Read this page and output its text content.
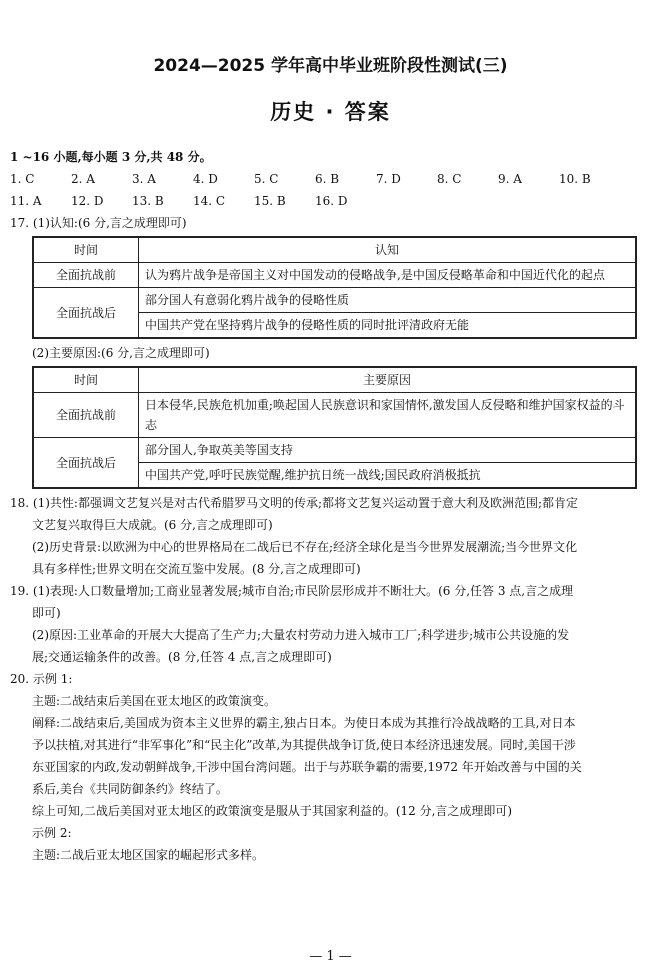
2024—2025 学年高中毕业班阶段性测试(三)
历史 · 答案
1 ~16 小题,每小题 3 分,共 48 分。
1. C	2. A	3. A	4. D	5. C	6. B	7. D	8. C	9. A	10. B
11. A	12. D	13. B	14. C	15. B	16. D
17. (1)认知:(6 分,言之成理即可)
时间	认知
全面抗战前	认为鸦片战争是帝国主义对中国发动的侵略战争,是中国反侵略革命和中国近代化的起点
全面抗战后	部分国人有意弱化鸦片战争的侵略性质
	中国共产党在坚持鸦片战争的侵略性质的同时批评清政府无能
(2)主要原因:(6 分,言之成理即可)
时间	主要原因
全面抗战前	日本侵华,民族危机加重;唤起国人民族意识和家国情怀,激发国人反侵略和维护国家权益的斗志
全面抗战后	部分国人,争取英美等国支持
	中国共产党,呼吁民族觉醒,维护抗日统一战线;国民政府消极抵抗
18. (1)共性:都强调文艺复兴是对古代希腊罗马文明的传承;都将文艺复兴运动置于意大利及欧洲范围;都肯定
文艺复兴取得巨大成就。(6 分,言之成理即可)
(2)历史背景:以欧洲为中心的世界格局在二战后已不存在;经济全球化是当今世界发展潮流;当今世界文化
具有多样性;世界文明在交流互鉴中发展。(8 分,言之成理即可)
19. (1)表现:人口数量增加;工商业显著发展;城市自治;市民阶层形成并不断壮大。(6 分,任答 3 点,言之成理
即可)
(2)原因:工业革命的开展大大提高了生产力;大量农村劳动力进入城市工厂;科学进步;城市公共设施的发
展;交通运输条件的改善。(8 分,任答 4 点,言之成理即可)
20. 示例 1:
主题:二战结束后美国在亚太地区的政策演变。
阐释:二战结束后,美国成为资本主义世界的霸主,独占日本。为使日本成为其推行冷战战略的工具,对日本
予以扶植,对其进行“非军事化”和“民主化”改革,为其提供战争订货,使日本经济迅速发展。同时,美国干涉
东亚国家的内政,发动朝鲜战争,干涉中国台湾问题。出于与苏联争霸的需要,1972 年开始改善与中国的关
系后,美台《共同防御条约》终结了。
综上可知,二战后美国对亚太地区的政策演变是服从于其国家利益的。(12 分,言之成理即可)
示例 2:
主题:二战后亚太地区国家的崛起形式多样。
— 1 —
